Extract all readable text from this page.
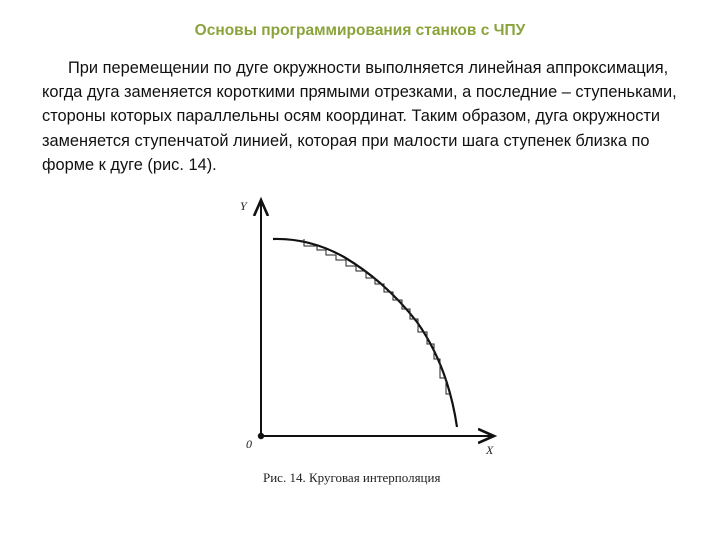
Основы программирования станков с ЧПУ

При перемещении по дуге окружности выполняется линейная аппроксимация, когда дуга заменяется короткими прямыми отрезками, а последние – ступеньками, стороны которых параллельны осям координат. Таким образом, дуга окружности заменяется ступенчатой линией, которая при малости шага ступенек близка по форме к дуге (рис. 14).

Y
X
0
Рис. 14. Круговая интерполяция
